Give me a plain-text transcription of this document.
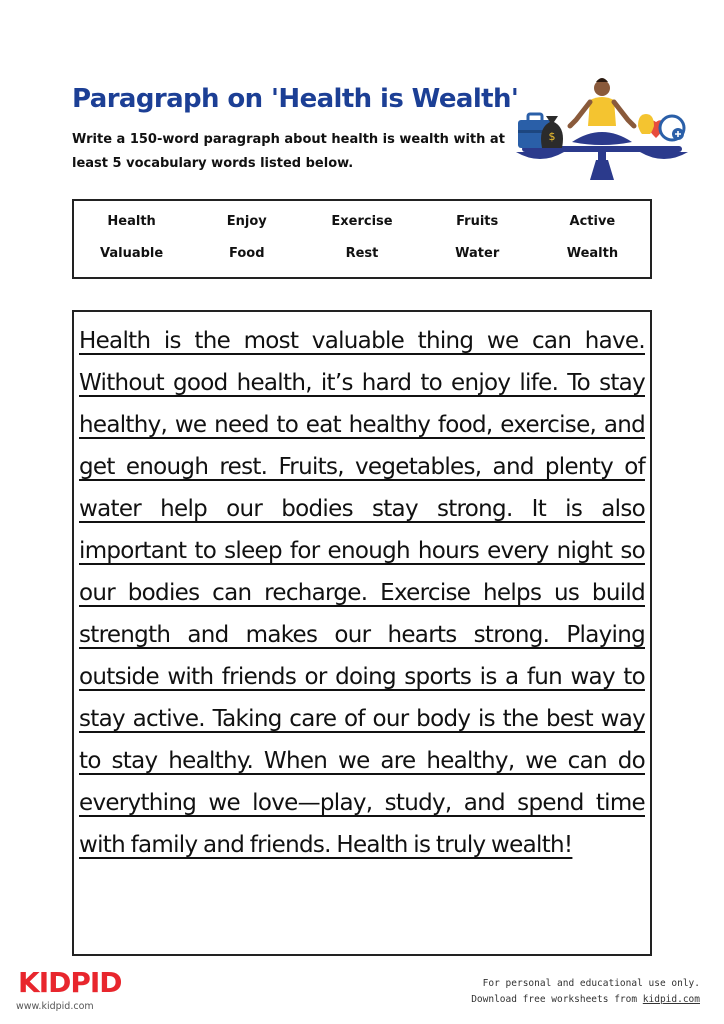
Paragraph on 'Health is Wealth'
Write a 150-word paragraph about health is wealth with at least 5 vocabulary words listed below.
$
Health	Enjoy	Exercise	Fruits	Active
Valuable	Food	Rest	Water	Wealth
Health is the most valuable thing we can have. Without good health, it’s hard to enjoy life. To stay healthy, we need to eat healthy food, exercise, and get enough rest. Fruits, vegetables, and plenty of water help our bodies stay strong. It is also important to sleep for enough hours every night so our bodies can recharge. Exercise helps us build strength and makes our hearts strong. Playing outside with friends or doing sports is a fun way to stay active. Taking care of our body is the best way to stay healthy. When we are healthy, we can do everything we love—play, study, and spend time with family and friends. Health is truly wealth!
KIDPID
www.kidpid.com
For personal and educational use only.
Download free worksheets from kidpid.com
